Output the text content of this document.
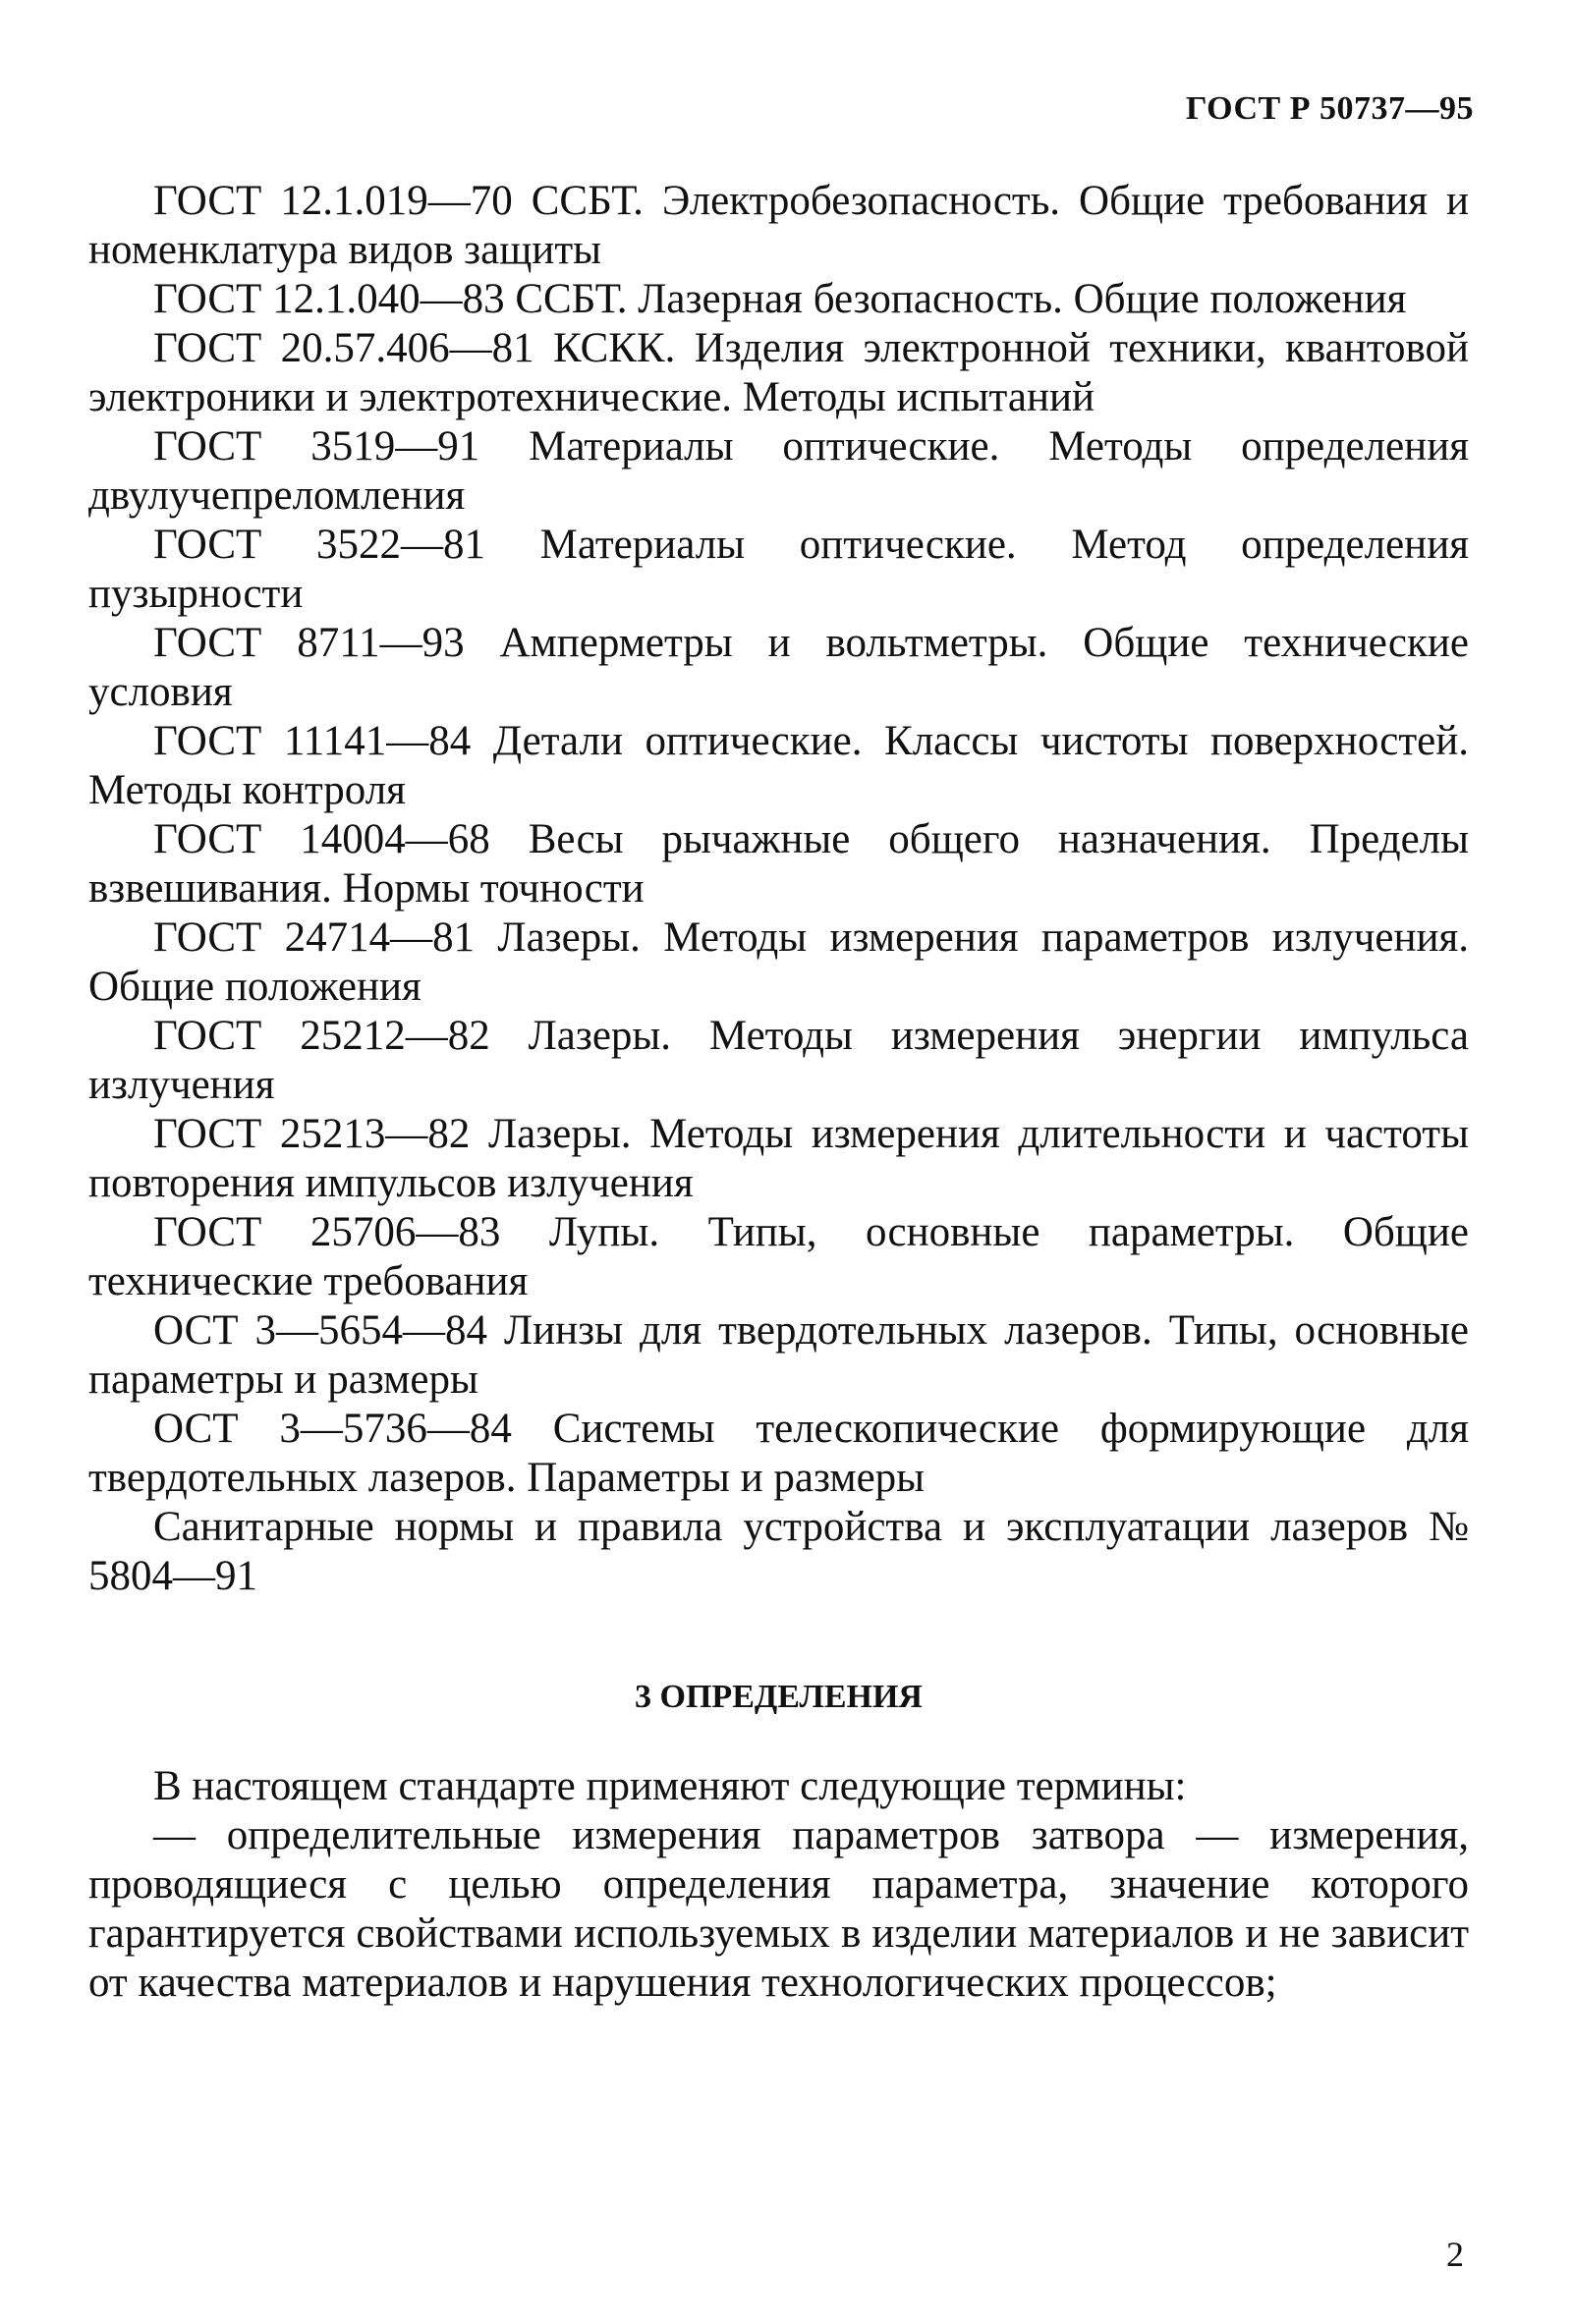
ГОСТ Р 50737—95

ГОСТ 12.1.019—70 ССБТ. Электробезопасность. Общие требования и номенклатура видов защиты

ГОСТ 12.1.040—83 ССБТ. Лазерная безопасность. Общие положения

ГОСТ 20.57.406—81 КСКК. Изделия электронной техники, квантовой электроники и электротехнические. Методы испытаний

ГОСТ 3519—91 Материалы оптические. Методы определения двулучепреломления

ГОСТ 3522—81 Материалы оптические. Метод определения пузырности

ГОСТ 8711—93 Амперметры и вольтметры. Общие технические условия

ГОСТ 11141—84 Детали оптические. Классы чистоты поверхностей. Методы контроля

ГОСТ 14004—68 Весы рычажные общего назначения. Пределы взвешивания. Нормы точности

ГОСТ 24714—81 Лазеры. Методы измерения параметров излучения. Общие положения

ГОСТ 25212—82 Лазеры. Методы измерения энергии импульса излучения

ГОСТ 25213—82 Лазеры. Методы измерения длительности и частоты повторения импульсов излучения

ГОСТ 25706—83 Лупы. Типы, основные параметры. Общие технические требования

ОСТ 3—5654—84 Линзы для твердотельных лазеров. Типы, основные параметры и размеры

ОСТ 3—5736—84 Системы телескопические формирующие для твердотельных лазеров. Параметры и размеры

Санитарные нормы и правила устройства и эксплуатации лазеров № 5804—91

3 ОПРЕДЕЛЕНИЯ

В настоящем стандарте применяют следующие термины:

— определительные измерения параметров затвора — измерения, проводящиеся с целью определения параметра, значение которого гарантируется свойствами используемых в изделии материалов и не зависит от качества материалов и нарушения технологических процессов;

2
